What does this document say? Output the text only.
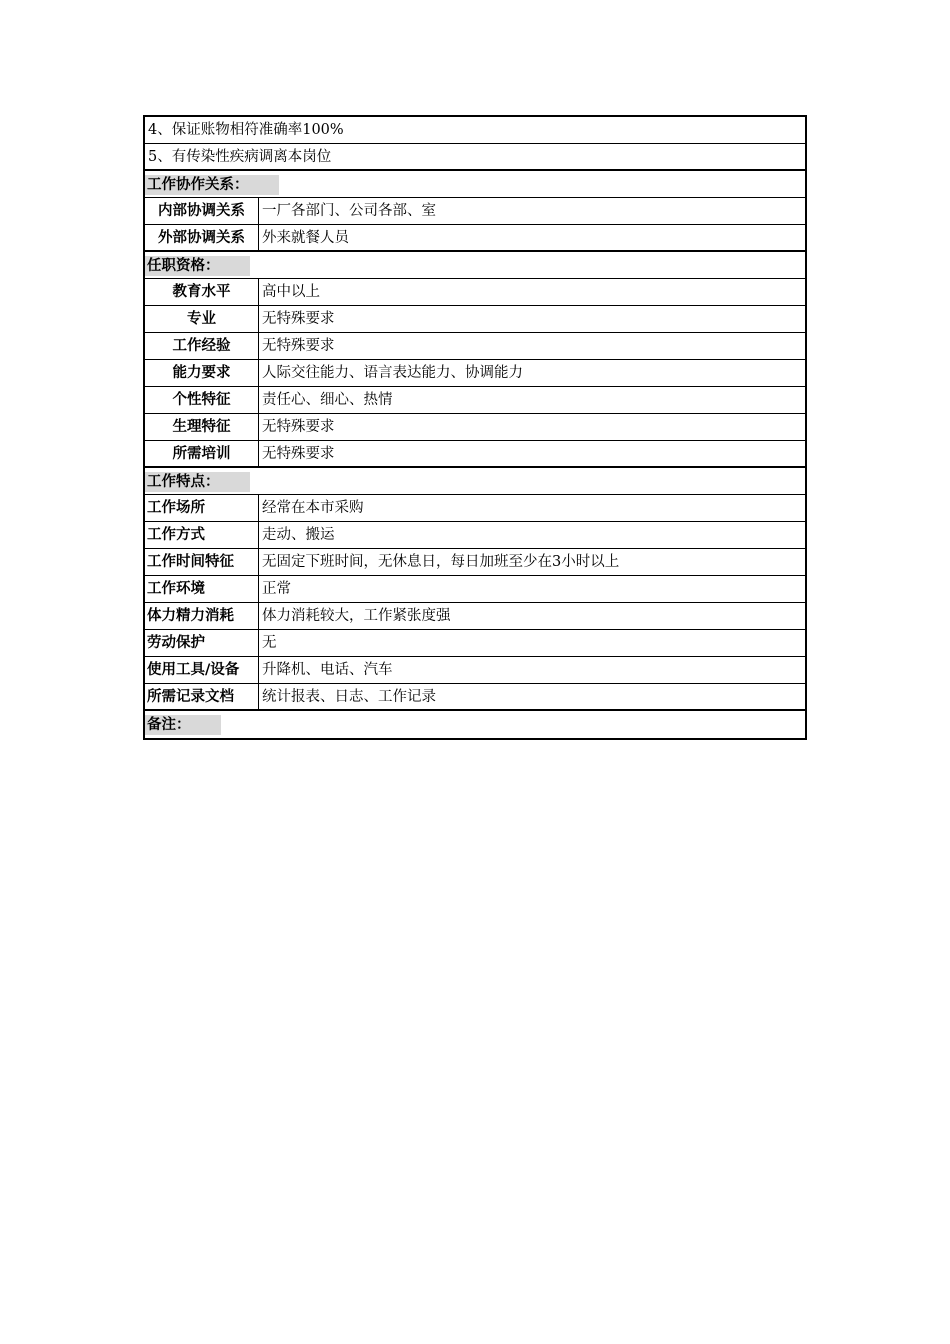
4、保证账物相符准确率100%
5、有传染性疾病调离本岗位
工作协作关系：
内部协调关系	一厂各部门、公司各部、室
外部协调关系	外来就餐人员
任职资格：
教育水平	高中以上
专业	无特殊要求
工作经验	无特殊要求
能力要求	人际交往能力、语言表达能力、协调能力
个性特征	责任心、细心、热情
生理特征	无特殊要求
所需培训	无特殊要求
工作特点：
工作场所	经常在本市采购
工作方式	走动、搬运
工作时间特征	无固定下班时间，无休息日，每日加班至少在3小时以上
工作环境	正常
体力精力消耗	体力消耗较大，工作紧张度强
劳动保护	无
使用工具/设备	升降机、电话、汽车
所需记录文档	统计报表、日志、工作记录
备注：
